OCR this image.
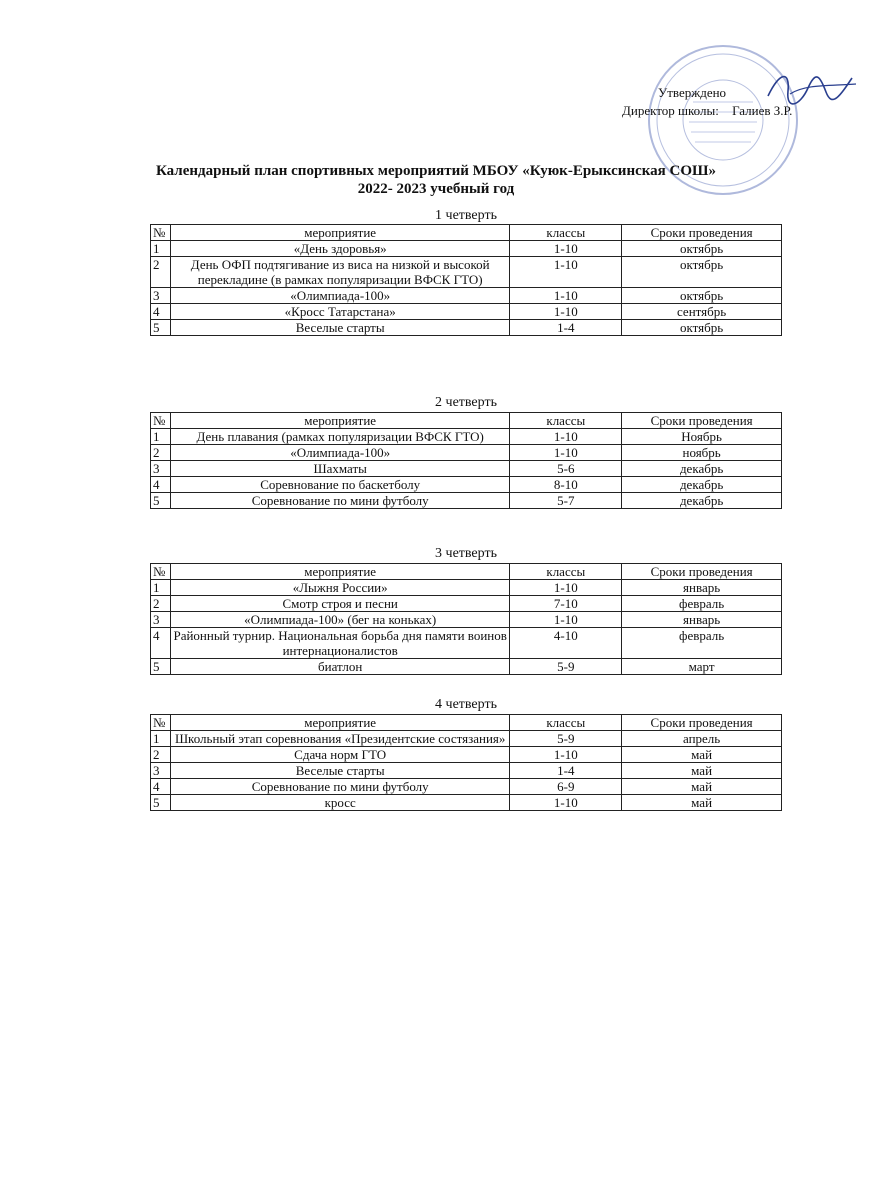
Утверждено
Директор школы: Галиев З.Р.
Календарный план спортивных мероприятий МБОУ «Куюк-Ерыксинская СОШ»
2022- 2023 учебный год
1 четверть
№	мероприятие	классы	Сроки проведения
1	«День здоровья»	1-10	октябрь
2	День ОФП подтягивание из виса на низкой и высокой перекладине (в рамках популяризации ВФСК ГТО)	1-10	октябрь
3	«Олимпиада-100»	1-10	октябрь
4	«Кросс Татарстана»	1-10	сентябрь
5	Веселые старты	1-4	октябрь
2 четверть
№	мероприятие	классы	Сроки проведения
1	День плавания (рамках популяризации ВФСК ГТО)	1-10	Ноябрь
2	«Олимпиада-100»	1-10	ноябрь
3	Шахматы	5-6	декабрь
4	Соревнование по баскетболу	8-10	декабрь
5	Соревнование по мини футболу	5-7	декабрь
3 четверть
№	мероприятие	классы	Сроки проведения
1	«Лыжня России»	1-10	январь
2	Смотр строя и песни	7-10	февраль
3	«Олимпиада-100» (бег на коньках)	1-10	январь
4	Районный турнир. Национальная борьба дня памяти воинов интернационалистов	4-10	февраль
5	биатлон	5-9	март
4 четверть
№	мероприятие	классы	Сроки проведения
1	Школьный этап соревнования «Президентские состязания»	5-9	апрель
2	Сдача норм ГТО	1-10	май
3	Веселые старты	1-4	май
4	Соревнование по мини футболу	6-9	май
5	кросс	1-10	май
